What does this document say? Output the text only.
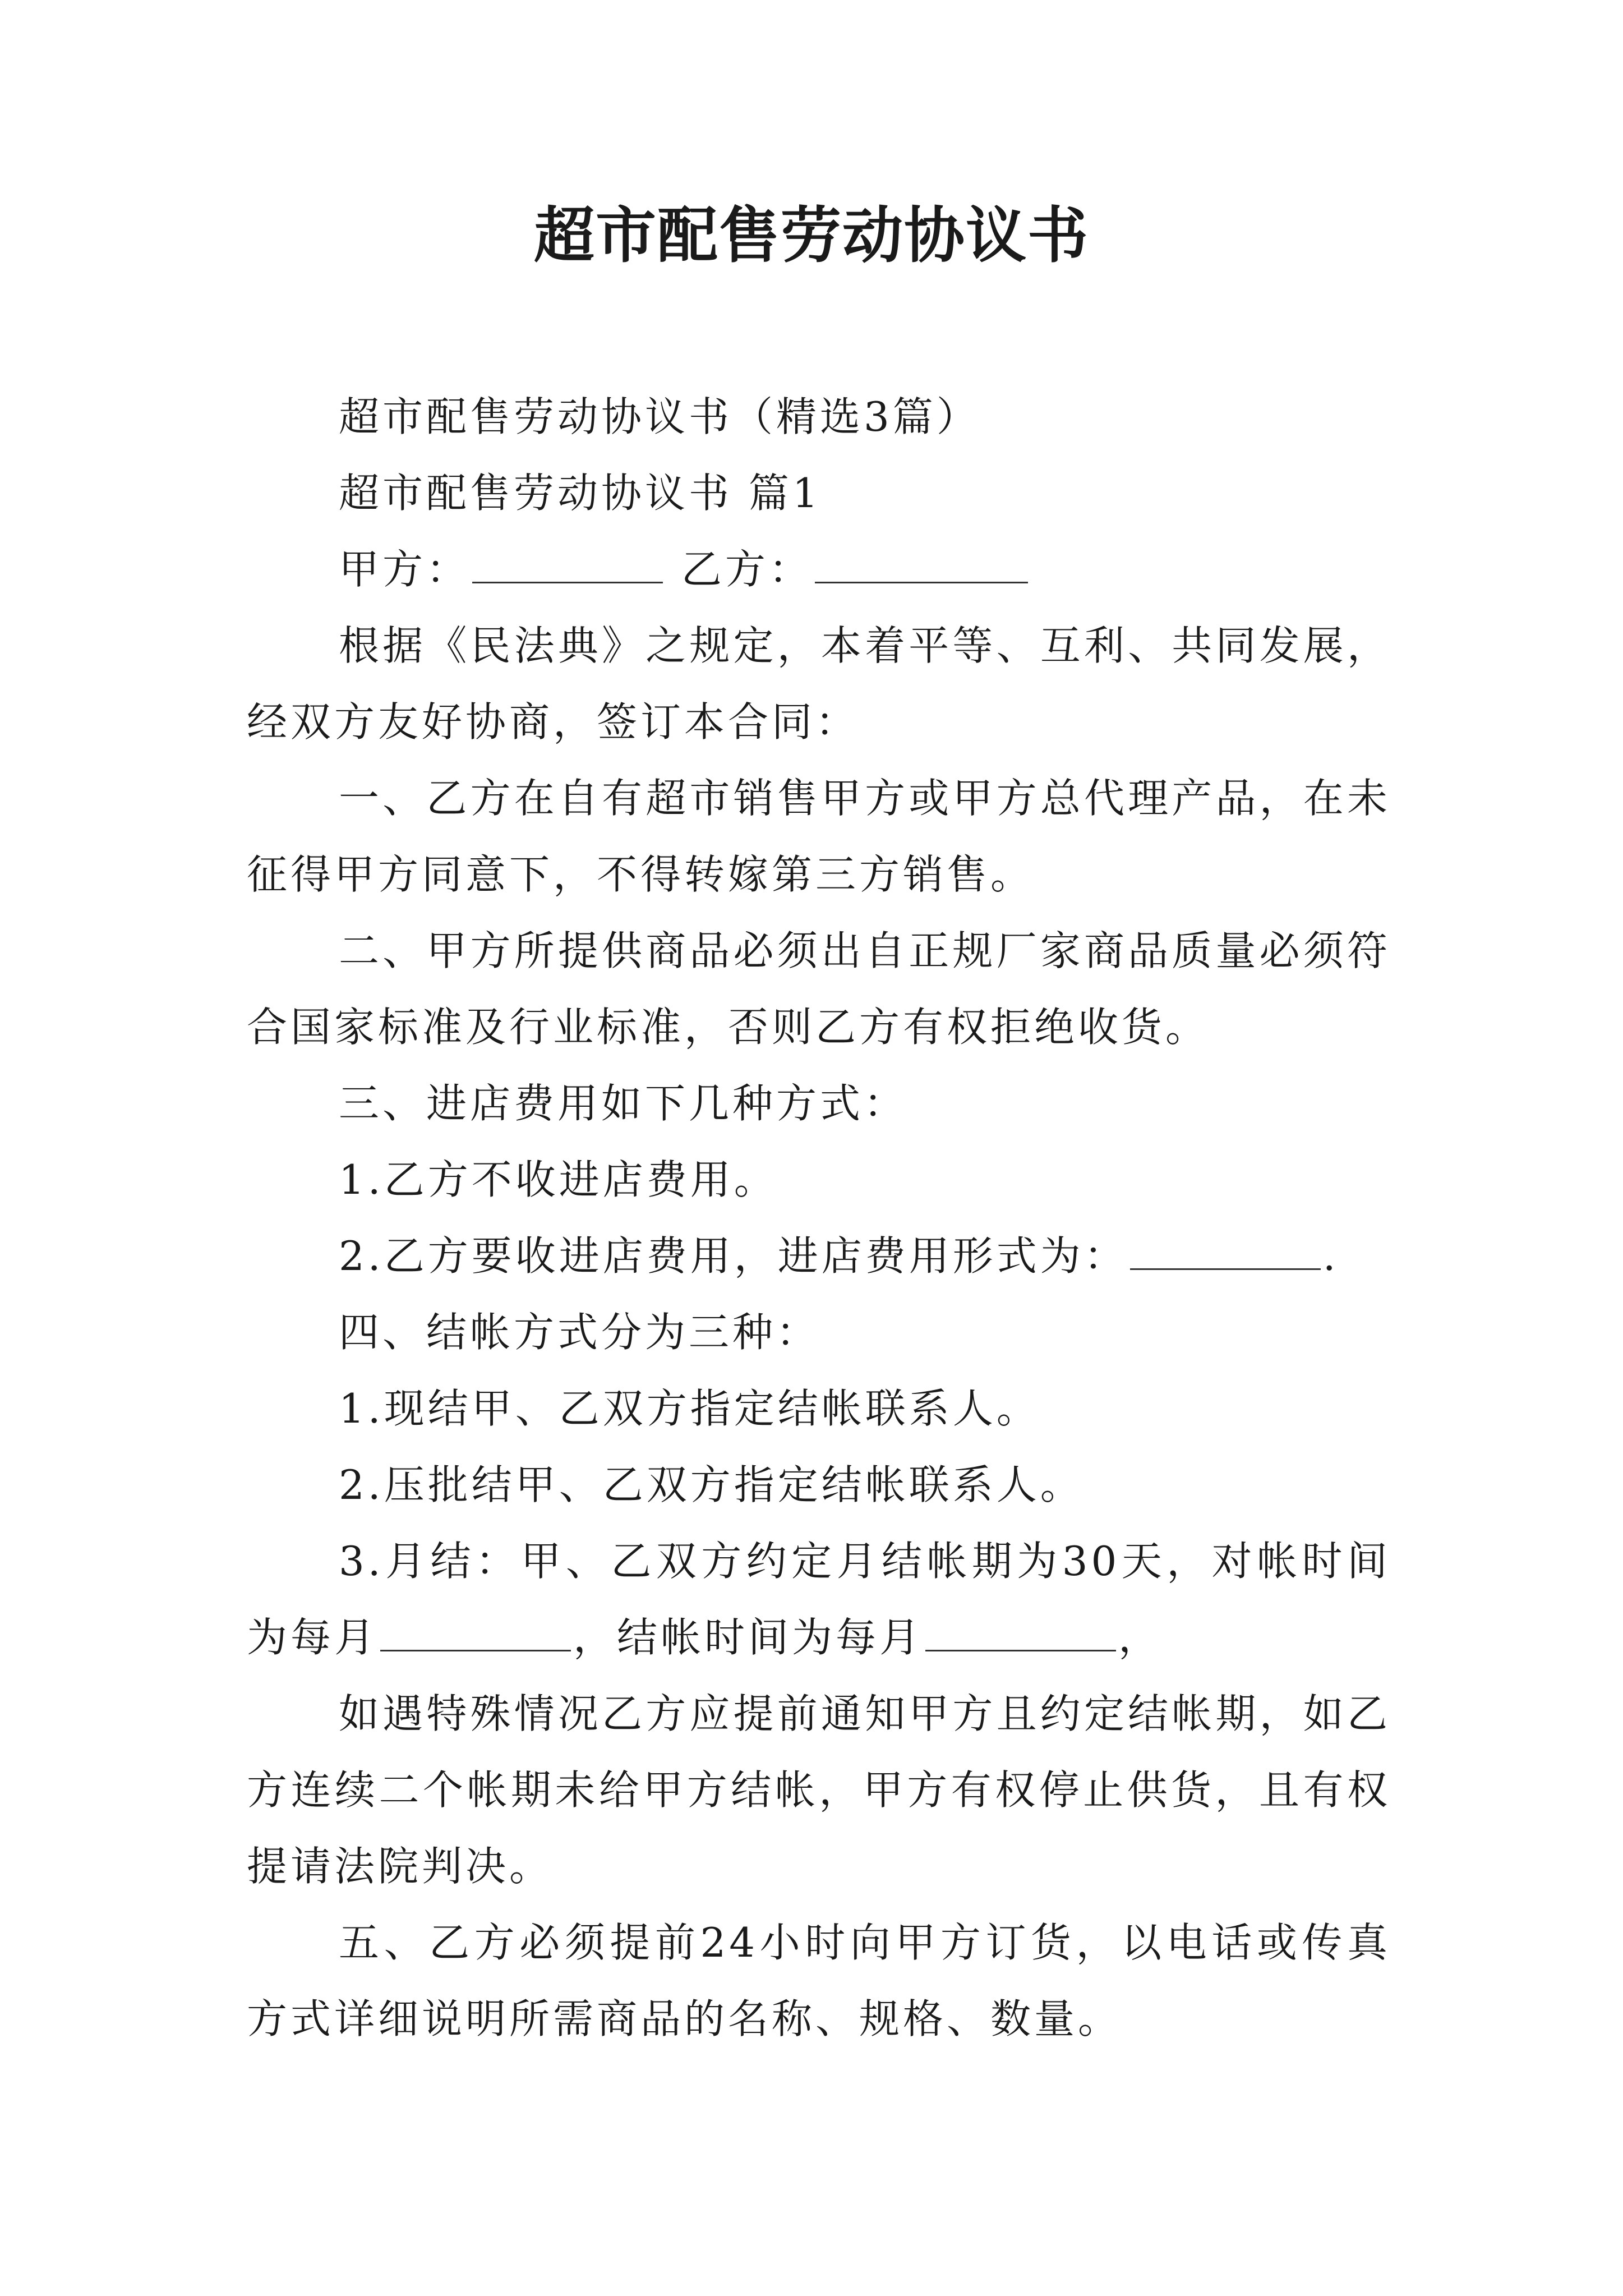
超市配售劳动协议书

超市配售劳动协议书（精选3篇）

超市配售劳动协议书 篇1

甲方：	乙方：

根据《民法典》之规定，本着平等、互利、共同发展，经双方友好协商，签订本合同：

一、乙方在自有超市销售甲方或甲方总代理产品，在未征得甲方同意下，不得转嫁第三方销售。

二、甲方所提供商品必须出自正规厂家商品质量必须符合国家标准及行业标准，否则乙方有权拒绝收货。

三、进店费用如下几种方式：

1.乙方不收进店费用。

2.乙方要收进店费用，进店费用形式为：	.

四、结帐方式分为三种：

1.现结甲、乙双方指定结帐联系人。

2.压批结甲、乙双方指定结帐联系人。

3.月结：甲、乙双方约定月结帐期为30天，对帐时间为每月	，结帐时间为每月	，

如遇特殊情况乙方应提前通知甲方且约定结帐期，如乙方连续二个帐期未给甲方结帐，甲方有权停止供货，且有权提请法院判决。

五、乙方必须提前24小时向甲方订货，以电话或传真方式详细说明所需商品的名称、规格、数量。
